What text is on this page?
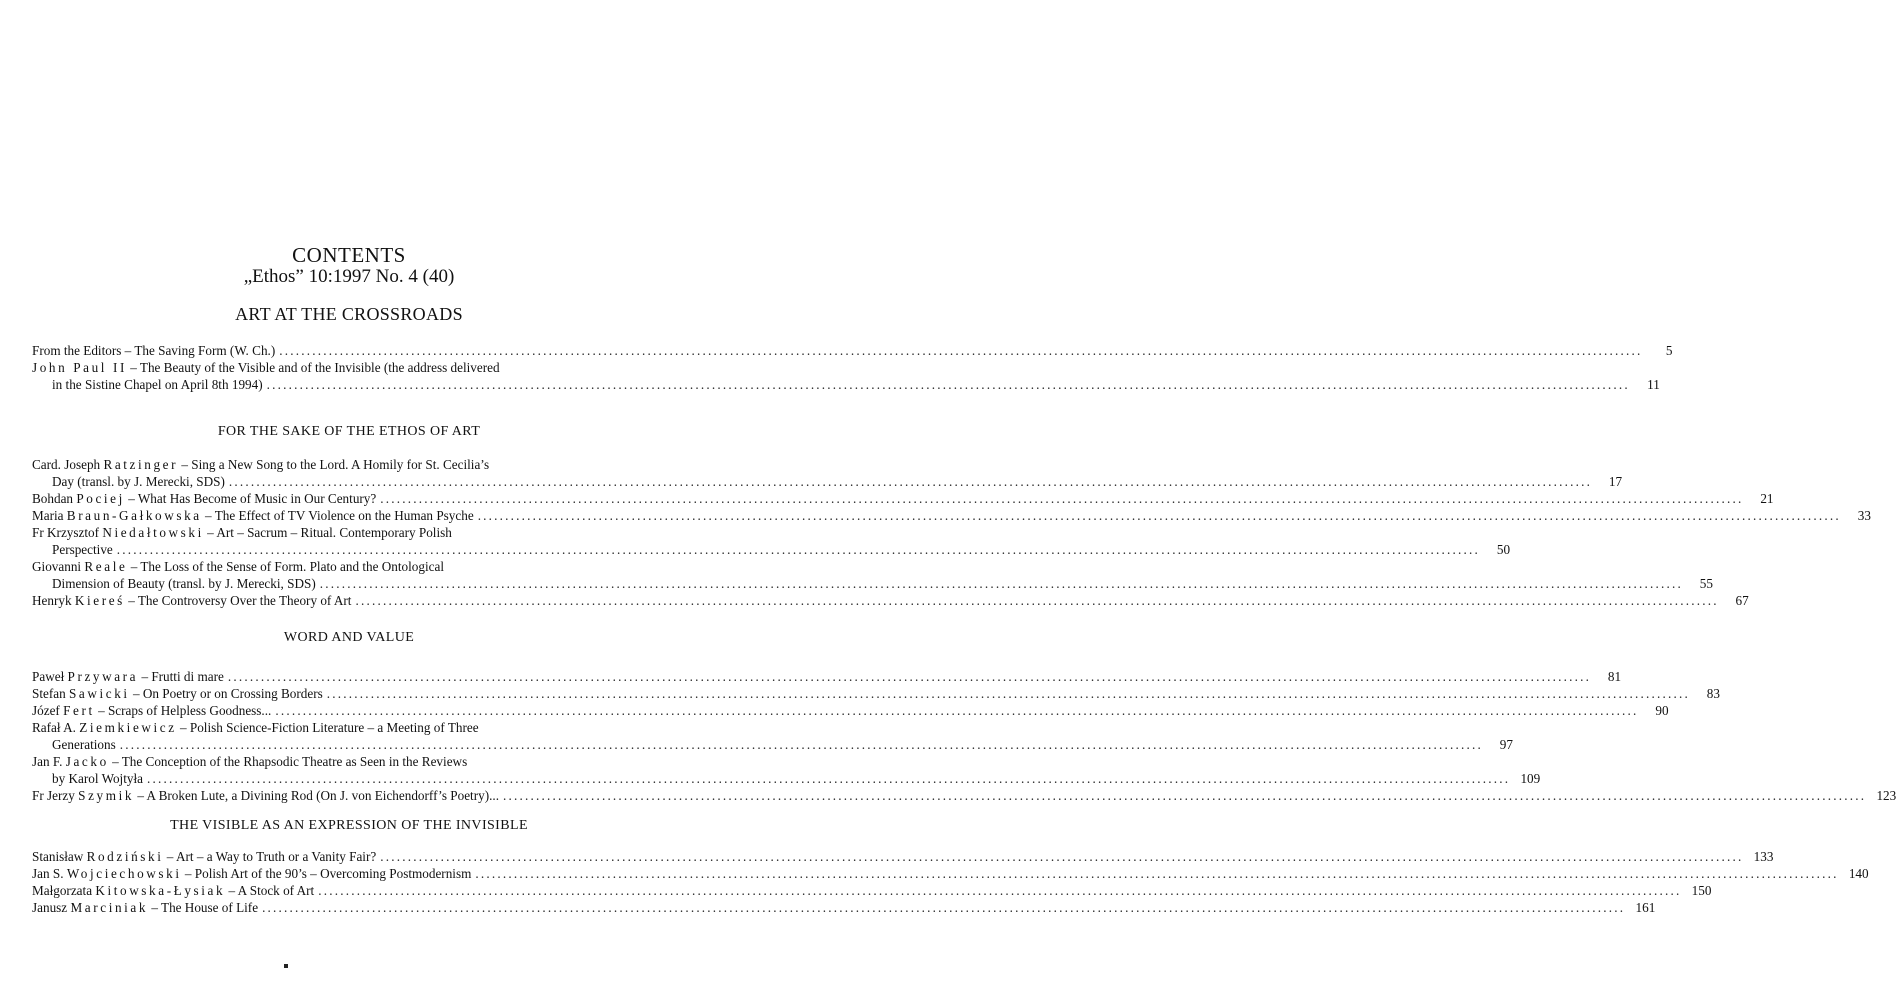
CONTENTS
„Ethos” 10:1997 No. 4 (40)
ART AT THE CROSSROADS
From the Editors – The Saving Form (W. Ch.) .....	5
John Paul II – The Beauty of the Visible and of the Invisible (the address delivered
in the Sistine Chapel on April 8th 1994) .....	11
FOR THE SAKE OF THE ETHOS OF ART
Card. Joseph Ratzinger – Sing a New Song to the Lord. A Homily for St. Cecilia’s
Day (transl. by J. Merecki, SDS) .....	17
Bohdan Pociej – What Has Become of Music in Our Century? .....	21
Maria Braun-Gałkowska – The Effect of TV Violence on the Human Psyche .....	33
Fr Krzysztof Niedałtowski – Art – Sacrum – Ritual. Contemporary Polish
Perspective .....	50
Giovanni Reale – The Loss of the Sense of Form. Plato and the Ontological
Dimension of Beauty (transl. by J. Merecki, SDS) .....	55
Henryk Kiereś – The Controversy Over the Theory of Art .....	67
WORD AND VALUE
Paweł Przywara – Frutti di mare .....	81
Stefan Sawicki – On Poetry or on Crossing Borders .....	83
Józef Fert – Scraps of Helpless Goodness... .....	90
Rafał A. Ziemkiewicz – Polish Science-Fiction Literature – a Meeting of Three
Generations .....	97
Jan F. Jacko – The Conception of the Rhapsodic Theatre as Seen in the Reviews
by Karol Wojtyła .....	109
Fr Jerzy Szymik – A Broken Lute, a Divining Rod (On J. von Eichendorff’s Poetry)... .....	123
THE VISIBLE AS AN EXPRESSION OF THE INVISIBLE
Stanisław Rodziński – Art – a Way to Truth or a Vanity Fair? .....	133
Jan S. Wojciechowski – Polish Art of the 90’s – Overcoming Postmodernism .....	140
Małgorzata Kitowska-Łysiak – A Stock of Art .....	150
Janusz Marciniak – The House of Life .....	161
